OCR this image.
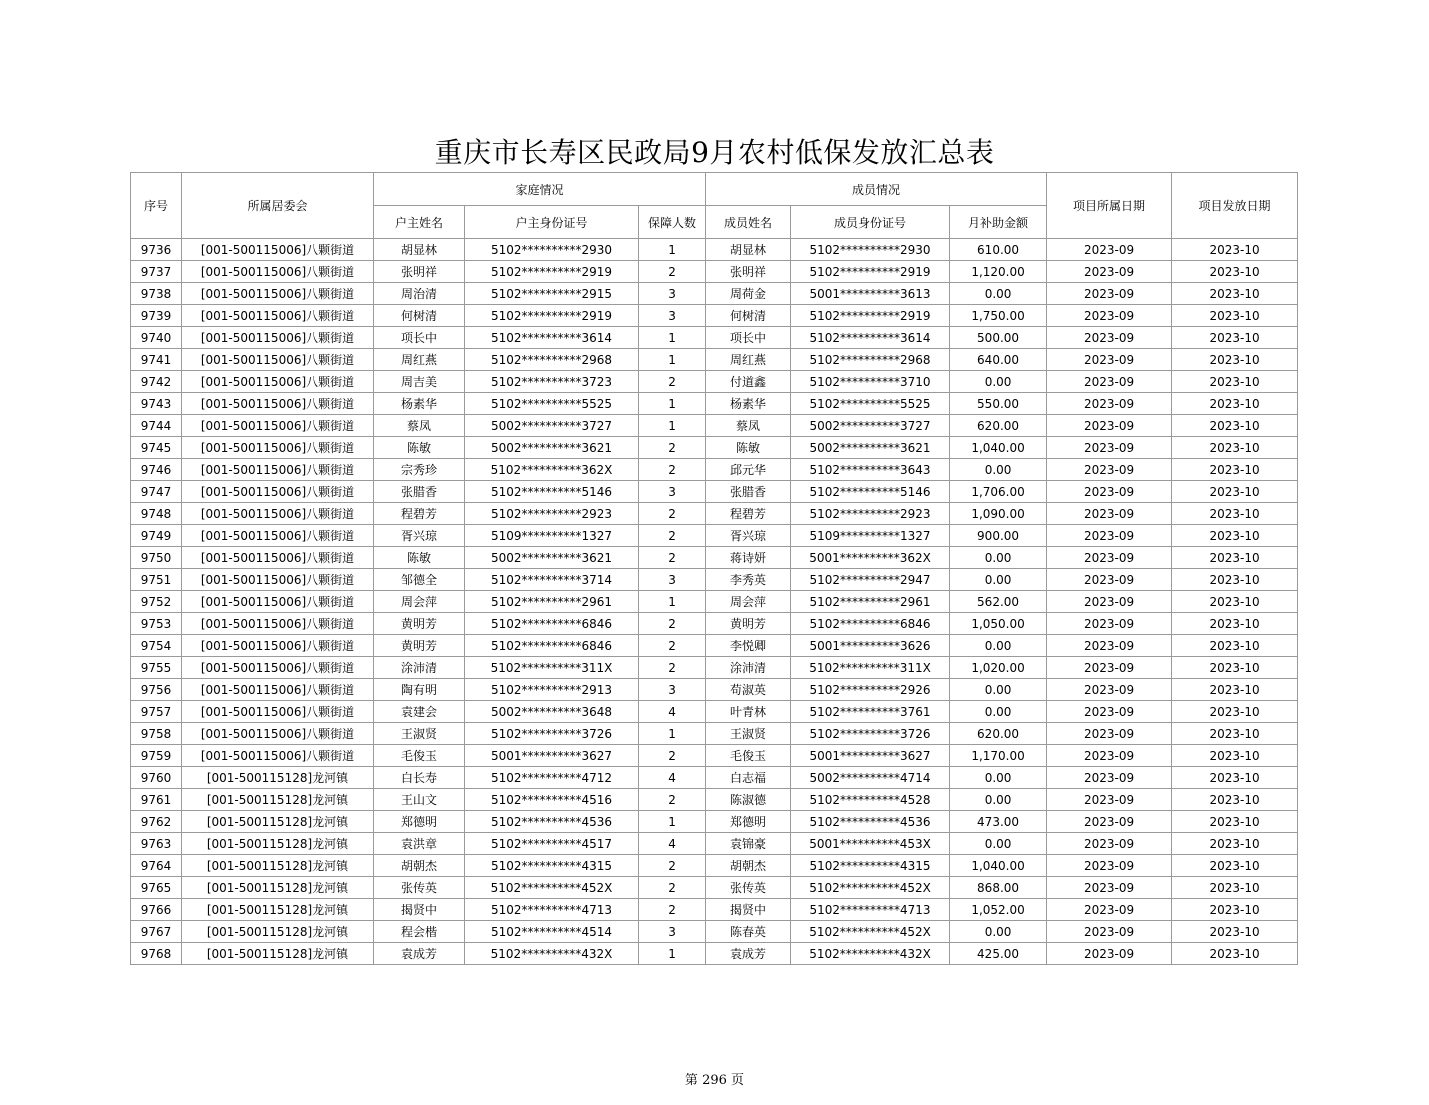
重庆市长寿区民政局9月农村低保发放汇总表
序号	所属居委会	家庭情况			成员情况			项目所属日期	项目发放日期
		户主姓名	户主身份证号	保障人数	成员姓名	成员身份证号	月补助金额		
9736	[001-500115006]八颗街道	胡显林	5102**********2930	1	胡显林	5102**********2930	610.00	2023-09	2023-10
9737	[001-500115006]八颗街道	张明祥	5102**********2919	2	张明祥	5102**********2919	1,120.00	2023-09	2023-10
9738	[001-500115006]八颗街道	周治清	5102**********2915	3	周荷金	5001**********3613	0.00	2023-09	2023-10
9739	[001-500115006]八颗街道	何树清	5102**********2919	3	何树清	5102**********2919	1,750.00	2023-09	2023-10
9740	[001-500115006]八颗街道	项长中	5102**********3614	1	项长中	5102**********3614	500.00	2023-09	2023-10
9741	[001-500115006]八颗街道	周红燕	5102**********2968	1	周红燕	5102**********2968	640.00	2023-09	2023-10
9742	[001-500115006]八颗街道	周吉美	5102**********3723	2	付道鑫	5102**********3710	0.00	2023-09	2023-10
9743	[001-500115006]八颗街道	杨素华	5102**********5525	1	杨素华	5102**********5525	550.00	2023-09	2023-10
9744	[001-500115006]八颗街道	蔡凤	5002**********3727	1	蔡凤	5002**********3727	620.00	2023-09	2023-10
9745	[001-500115006]八颗街道	陈敏	5002**********3621	2	陈敏	5002**********3621	1,040.00	2023-09	2023-10
9746	[001-500115006]八颗街道	宗秀珍	5102**********362X	2	邱元华	5102**********3643	0.00	2023-09	2023-10
9747	[001-500115006]八颗街道	张腊香	5102**********5146	3	张腊香	5102**********5146	1,706.00	2023-09	2023-10
9748	[001-500115006]八颗街道	程碧芳	5102**********2923	2	程碧芳	5102**********2923	1,090.00	2023-09	2023-10
9749	[001-500115006]八颗街道	胥兴琼	5109**********1327	2	胥兴琼	5109**********1327	900.00	2023-09	2023-10
9750	[001-500115006]八颗街道	陈敏	5002**********3621	2	蒋诗妍	5001**********362X	0.00	2023-09	2023-10
9751	[001-500115006]八颗街道	邹德全	5102**********3714	3	李秀英	5102**********2947	0.00	2023-09	2023-10
9752	[001-500115006]八颗街道	周会萍	5102**********2961	1	周会萍	5102**********2961	562.00	2023-09	2023-10
9753	[001-500115006]八颗街道	黄明芳	5102**********6846	2	黄明芳	5102**********6846	1,050.00	2023-09	2023-10
9754	[001-500115006]八颗街道	黄明芳	5102**********6846	2	李悦卿	5001**********3626	0.00	2023-09	2023-10
9755	[001-500115006]八颗街道	涂沛清	5102**********311X	2	涂沛清	5102**********311X	1,020.00	2023-09	2023-10
9756	[001-500115006]八颗街道	陶有明	5102**********2913	3	苟淑英	5102**********2926	0.00	2023-09	2023-10
9757	[001-500115006]八颗街道	袁建会	5002**********3648	4	叶青林	5102**********3761	0.00	2023-09	2023-10
9758	[001-500115006]八颗街道	王淑贤	5102**********3726	1	王淑贤	5102**********3726	620.00	2023-09	2023-10
9759	[001-500115006]八颗街道	毛俊玉	5001**********3627	2	毛俊玉	5001**********3627	1,170.00	2023-09	2023-10
9760	[001-500115128]龙河镇	白长寿	5102**********4712	4	白志福	5002**********4714	0.00	2023-09	2023-10
9761	[001-500115128]龙河镇	王山文	5102**********4516	2	陈淑德	5102**********4528	0.00	2023-09	2023-10
9762	[001-500115128]龙河镇	郑德明	5102**********4536	1	郑德明	5102**********4536	473.00	2023-09	2023-10
9763	[001-500115128]龙河镇	袁洪章	5102**********4517	4	袁锦豪	5001**********453X	0.00	2023-09	2023-10
9764	[001-500115128]龙河镇	胡朝杰	5102**********4315	2	胡朝杰	5102**********4315	1,040.00	2023-09	2023-10
9765	[001-500115128]龙河镇	张传英	5102**********452X	2	张传英	5102**********452X	868.00	2023-09	2023-10
9766	[001-500115128]龙河镇	揭贤中	5102**********4713	2	揭贤中	5102**********4713	1,052.00	2023-09	2023-10
9767	[001-500115128]龙河镇	程会楷	5102**********4514	3	陈春英	5102**********452X	0.00	2023-09	2023-10
9768	[001-500115128]龙河镇	袁成芳	5102**********432X	1	袁成芳	5102**********432X	425.00	2023-09	2023-10
第 296 页
